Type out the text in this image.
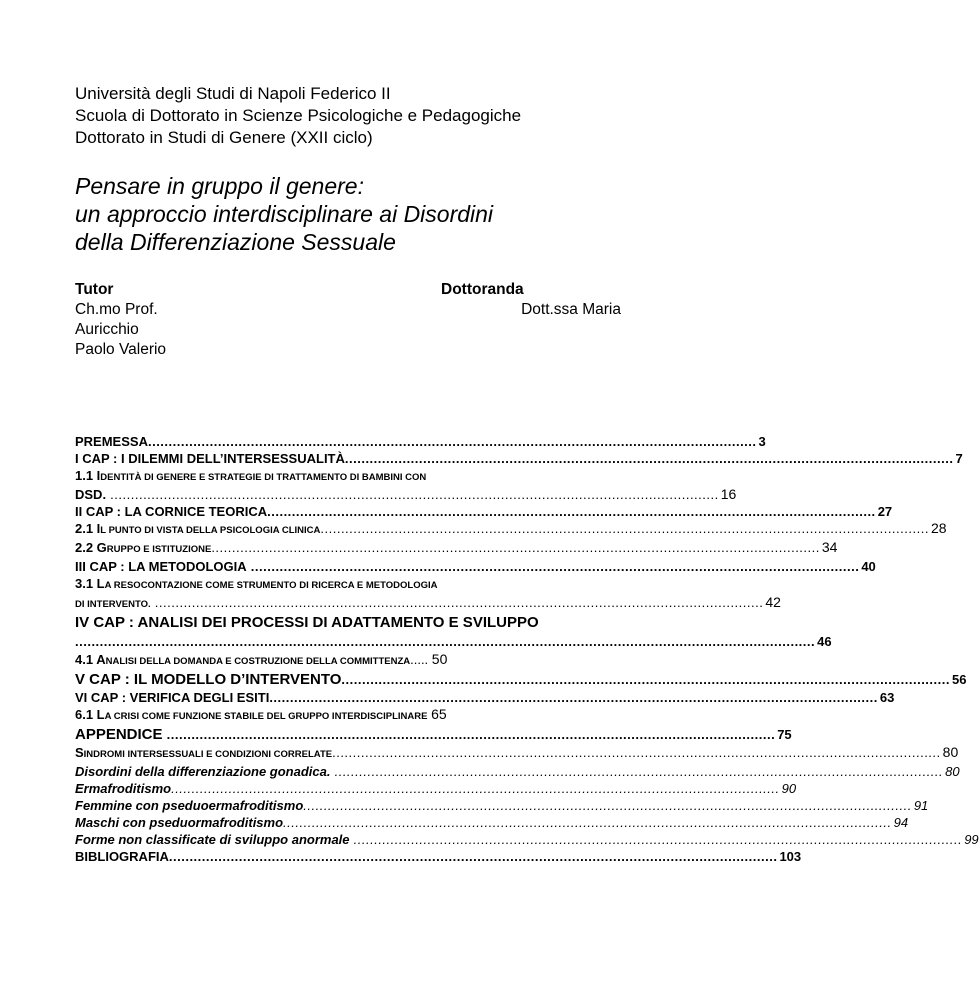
Università degli Studi di Napoli Federico II
Scuola di Dottorato in Scienze Psicologiche e Pedagogiche
Dottorato in Studi di Genere (XXII ciclo)
Pensare in gruppo il genere:
un approccio interdisciplinare ai Disordini
della Differenziazione Sessuale
Tutor
Ch.mo Prof.
Auricchio
Paolo Valerio
Dottoranda
Dott.ssa Maria
PREMESSA .................................................................................................................................................... 3
I CAP : I DILEMMI DELL’INTERSESSUALITÀ .................................................................................................................................................... 7
1.1 IDENTITÀ DI GENERE E STRATEGIE DI TRATTAMENTO DI BAMBINI CON
DSD. .................................................................................................................................................... 16
II CAP : LA CORNICE TEORICA .................................................................................................................................................... 27
2.1 IL PUNTO DI VISTA DELLA PSICOLOGIA CLINICA .................................................................................................................................................... 28
2.2 GRUPPO E ISTITUZIONE .................................................................................................................................................... 34
III CAP : LA METODOLOGIA .................................................................................................................................................... 40
3.1 LA RESOCONTAZIONE COME STRUMENTO DI RICERCA E METODOLOGIA
DI INTERVENTO. .................................................................................................................................................... 42
IV CAP : ANALISI DEI PROCESSI DI ADATTAMENTO E SVILUPPO
.................................................................................................................................................................................... 46
4.1 ANALISI DELLA DOMANDA E COSTRUZIONE DELLA COMMITTENZA..... 50
V CAP : IL MODELLO D’INTERVENTO .................................................................................................................................................... 56
VI CAP : VERIFICA DEGLI ESITI .................................................................................................................................................... 63
6.1 LA CRISI COME FUNZIONE STABILE DEL GRUPPO INTERDISCIPLINARE 65
APPENDICE .................................................................................................................................................... 75
SINDROMI INTERSESSUALI E CONDIZIONI CORRELATE .................................................................................................................................................... 80
Disordini della differenziazione gonadica. .................................................................................................................................................... 80
Ermafroditismo .................................................................................................................................................... 90
Femmine con pseduoermafroditismo .................................................................................................................................................... 91
Maschi con pseduormafroditismo .................................................................................................................................................... 94
Forme non classificate di sviluppo anormale .................................................................................................................................................... 99
BIBLIOGRAFIA .................................................................................................................................................... 103
